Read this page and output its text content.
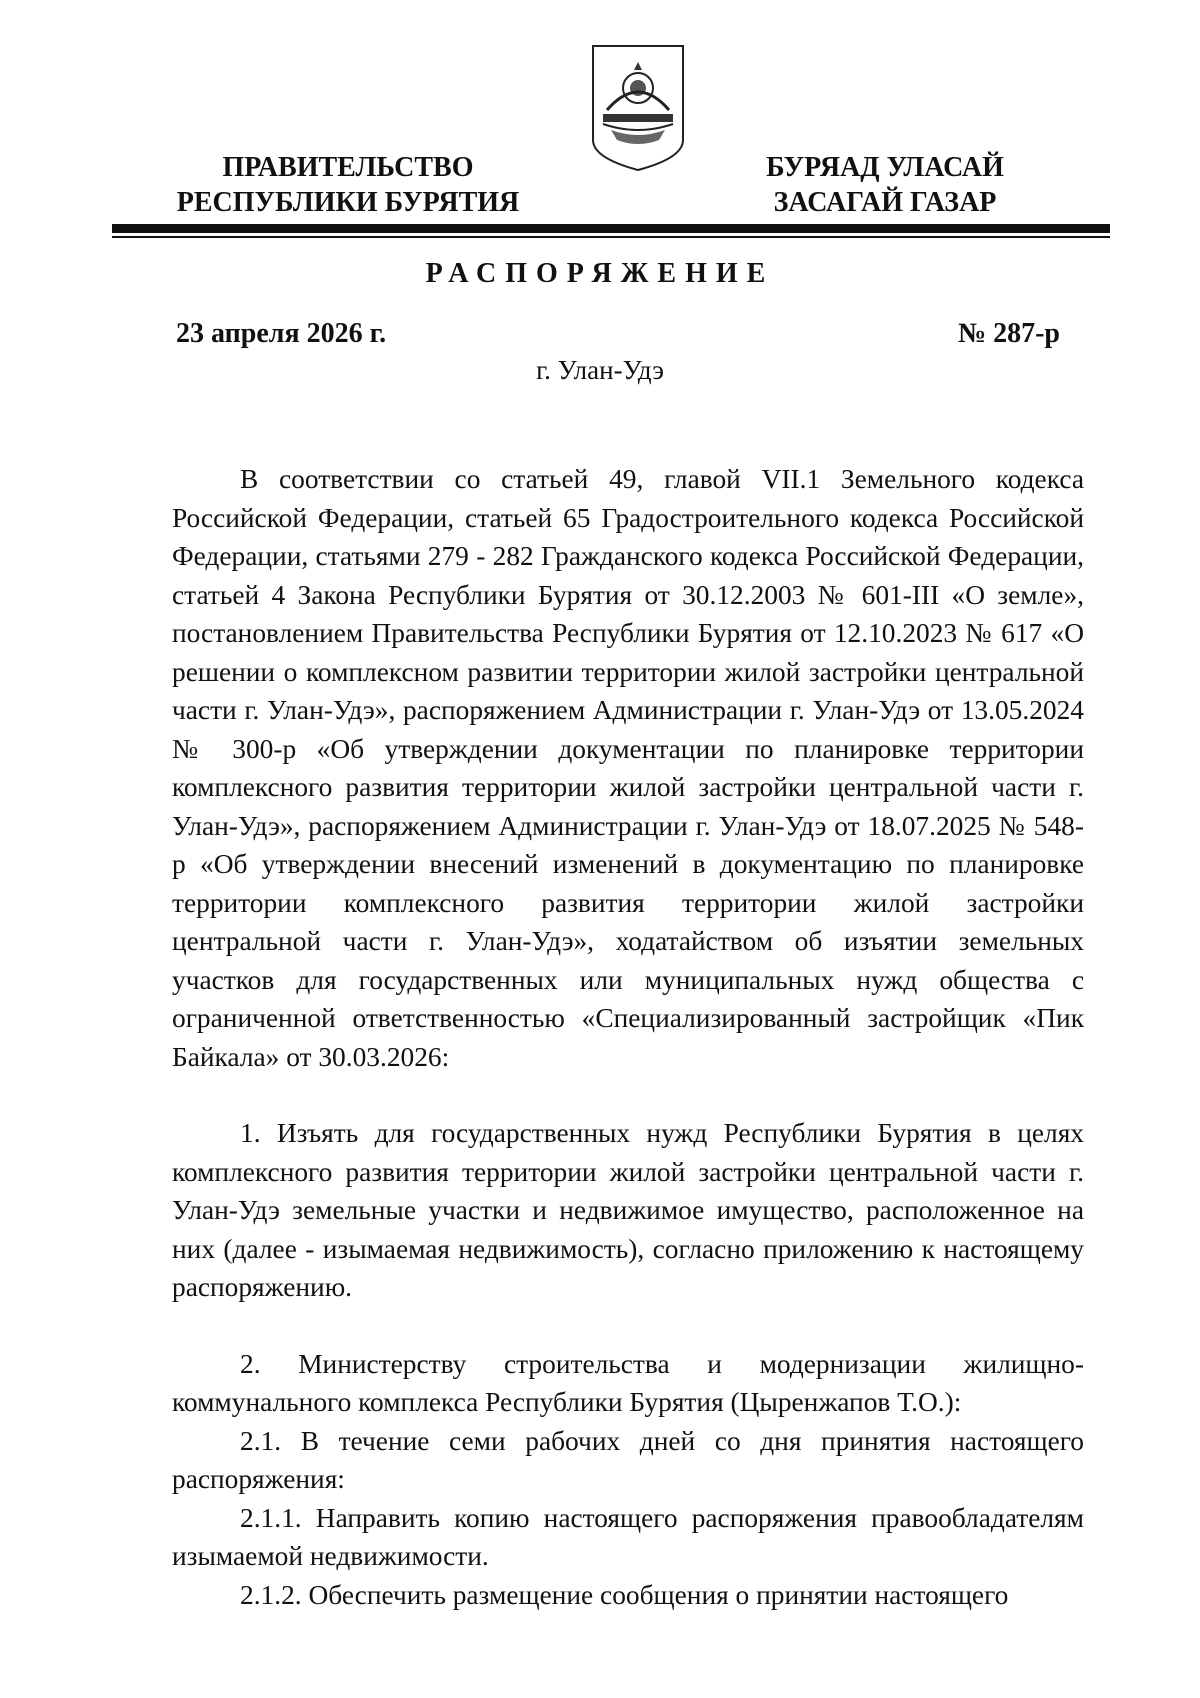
ПРАВИТЕЛЬСТВО
РЕСПУБЛИКИ БУРЯТИЯ
БУРЯАД УЛАСАЙ
ЗАСАГАЙ ГАЗАР
РАСПОРЯЖЕНИЕ
23 апреля 2026 г.	№ 287-р
г. Улан-Удэ

В соответствии со статьей 49, главой VII.1 Земельного кодекса Российской Федерации, статьей 65 Градостроительного кодекса Российской Федерации, статьями 279 - 282 Гражданского кодекса Российской Федерации, статьей 4 Закона Республики Бурятия от 30.12.2003 № 601-III «О земле», постановлением Правительства Республики Бурятия от 12.10.2023 № 617 «О решении о комплексном развитии территории жилой застройки центральной части г. Улан-Удэ», распоряжением Администрации г. Улан-Удэ от 13.05.2024 № 300-р «Об утверждении документации по планировке территории комплексного развития территории жилой застройки центральной части г. Улан-Удэ», распоряжением Администрации г. Улан-Удэ от 18.07.2025 № 548-р «Об утверждении внесений изменений в документацию по планировке территории комплексного развития территории жилой застройки центральной части г. Улан-Удэ», ходатайством об изъятии земельных участков для государственных или муниципальных нужд общества с ограниченной ответственностью «Специализированный застройщик «Пик Байкала» от 30.03.2026:

1. Изъять для государственных нужд Республики Бурятия в целях комплексного развития территории жилой застройки центральной части г. Улан-Удэ земельные участки и недвижимое имущество, расположенное на них (далее - изымаемая недвижимость), согласно приложению к настоящему распоряжению.

2. Министерству строительства и модернизации жилищно-коммунального комплекса Республики Бурятия (Цыренжапов Т.О.):

2.1. В течение семи рабочих дней со дня принятия настоящего распоряжения:

2.1.1. Направить копию настоящего распоряжения правообладателям изымаемой недвижимости.

2.1.2. Обеспечить размещение сообщения о принятии настоящего
